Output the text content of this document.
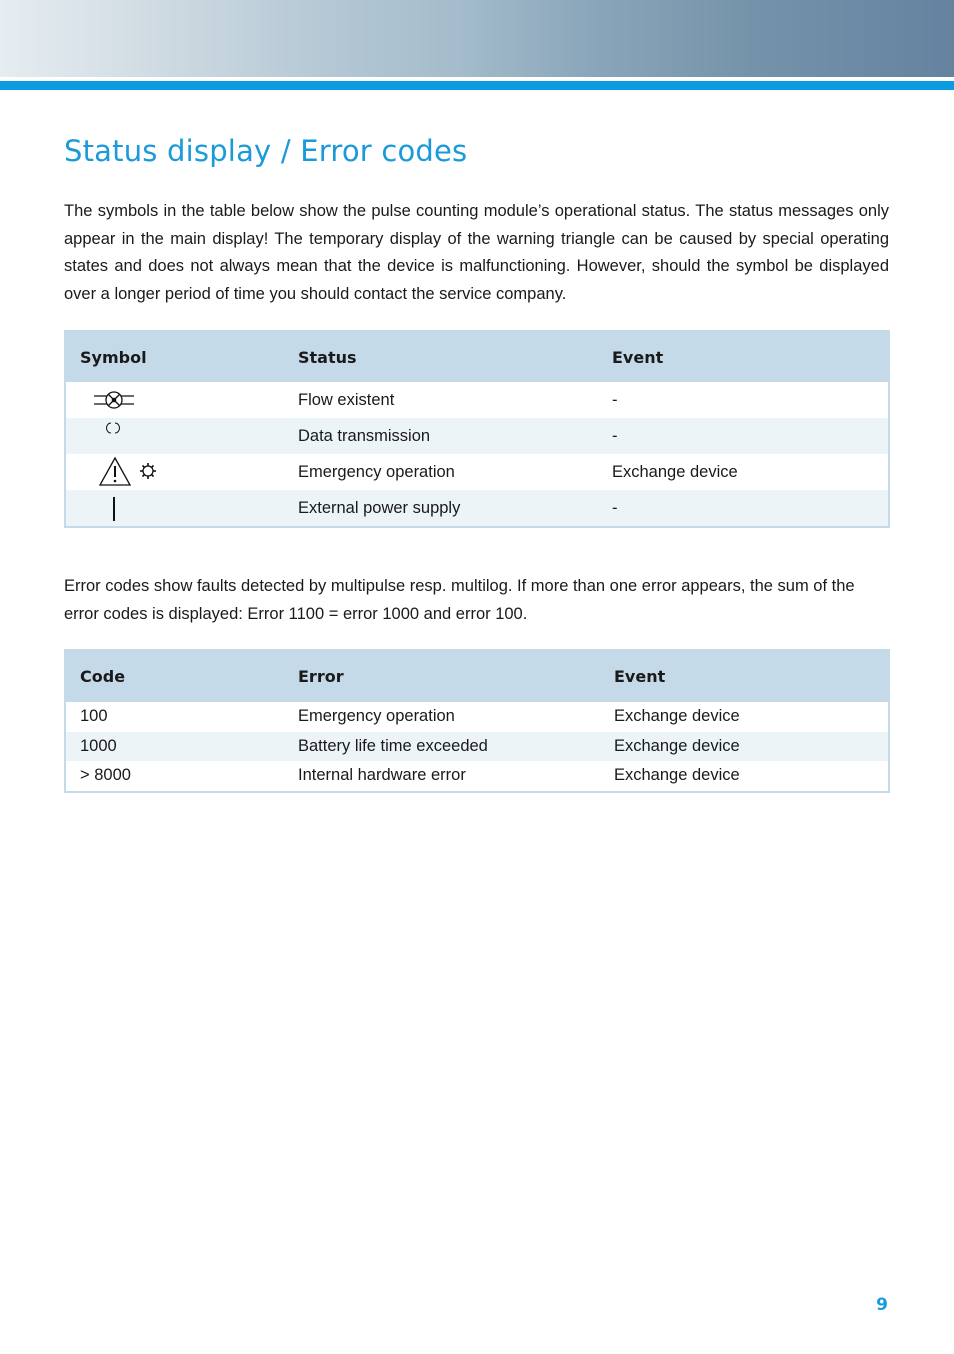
Status display / Error codes

The symbols in the table below show the pulse counting module’s operational status. The status messages only appear in the main display! The temporary display of the warning triangle can be caused by special operating states and does not always mean that the device is malfunctioning. However, should the symbol be displayed over a longer period of time you should contact the service company.

Symbol	Status	Event

	Flow existent	-

	Data transmission	-

	Emergency operation	Exchange device

	External power supply	-

Error codes show faults detected by multipulse resp. multilog. If more than one error appears, the sum of the error codes is displayed: Error 1100 = error 1000 and error 100.

Code	Error	Event
100	Emergency operation	Exchange device
1000	Battery life time exceeded	Exchange device
> 8000	Internal hardware error	Exchange device
9
